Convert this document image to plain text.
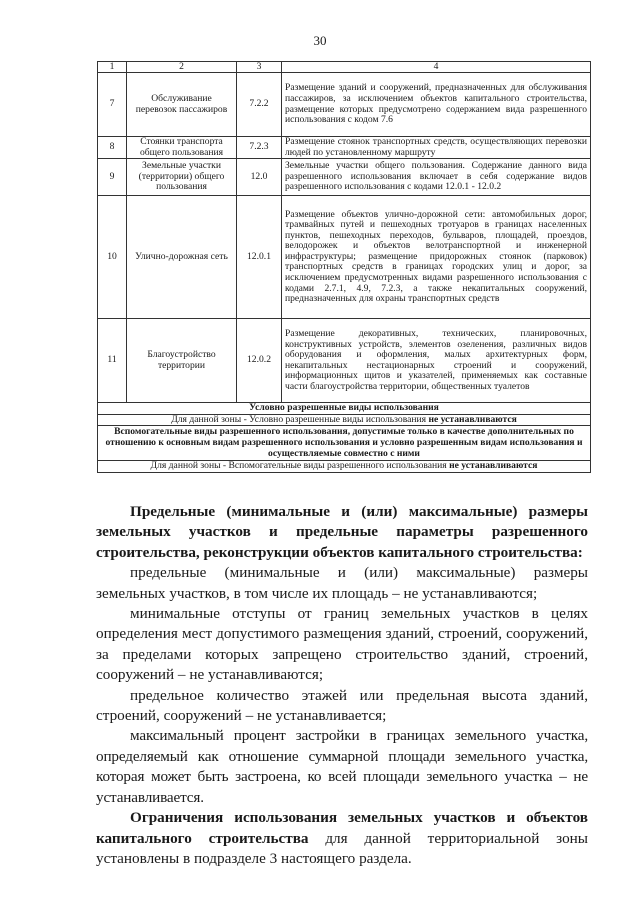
30
1	2	3	4
7	Обслуживание перевозок пассажиров	7.2.2	Размещение зданий и сооружений, предназначенных для обслуживания пассажиров, за исключением объектов капитального строительства, размещение которых предусмотрено содержанием вида разрешенного использования с кодом 7.6
8	Стоянки транспорта общего пользования	7.2.3	Размещение стоянок транспортных средств, осуществляющих перевозки людей по установленному маршруту
9	Земельные участки (территории) общего пользования	12.0	Земельные участки общего пользования. Содержание данного вида разрешенного использования включает в себя содержание видов разрешенного использования с кодами 12.0.1 - 12.0.2
10	Улично-дорожная сеть	12.0.1	Размещение объектов улично-дорожной сети: автомобильных дорог, трамвайных путей и пешеходных тротуаров в границах населенных пунктов, пешеходных переходов, бульваров, площадей, проездов, велодорожек и объектов велотранспортной и инженерной инфраструктуры; размещение придорожных стоянок (парковок) транспортных средств в границах городских улиц и дорог, за исключением предусмотренных видами разрешенного использования с кодами 2.7.1, 4.9, 7.2.3, а также некапитальных сооружений, предназначенных для охраны транспортных средств
11	Благоустройство территории	12.0.2	Размещение декоративных, технических, планировочных, конструктивных устройств, элементов озеленения, различных видов оборудования и оформления, малых архитектурных форм, некапитальных нестационарных строений и сооружений, информационных щитов и указателей, применяемых как составные части благоустройства территории, общественных туалетов
Условно разрешенные виды использования			
Для данной зоны - Условно разрешенные виды использования не устанавливаются			
Вспомогательные виды разрешенного использования, допустимые только в качестве дополнительных по отношению к основным видам разрешенного использования и условно разрешенным видам использования и осуществляемые совместно с ними			
Для данной зоны - Вспомогательные виды разрешенного использования не устанавливаются			

Предельные (минимальные и (или) максимальные) размеры земельных участков и предельные параметры разрешенного строительства, реконструкции объектов капитального строительства:

предельные (минимальные и (или) максимальные) размеры земельных участков, в том числе их площадь – не устанавливаются;

минимальные отступы от границ земельных участков в целях определения мест допустимого размещения зданий, строений, сооружений, за пределами которых запрещено строительство зданий, строений, сооружений – не устанавливаются;

предельное количество этажей или предельная высота зданий, строений, сооружений – не устанавливается;

максимальный процент застройки в границах земельного участка, определяемый как отношение суммарной площади земельного участка, которая может быть застроена, ко всей площади земельного участка – не устанавливается.

Ограничения использования земельных участков и объектов капитального строительства для данной территориальной зоны установлены в подразделе 3 настоящего раздела.
